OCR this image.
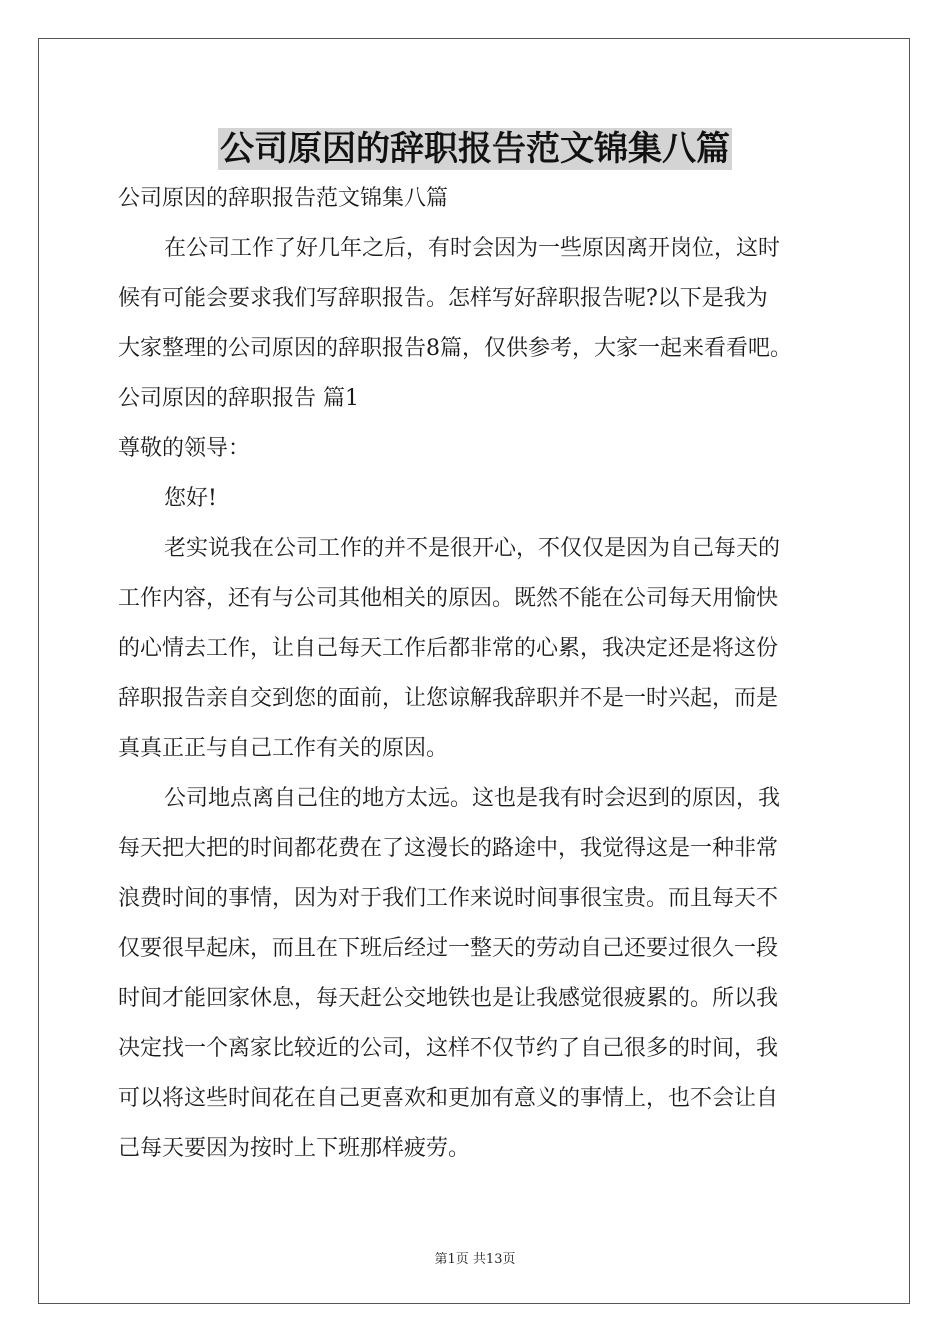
公司原因的辞职报告范文锦集八篇
公司原因的辞职报告范文锦集八篇
在公司工作了好几年之后，有时会因为一些原因离开岗位，这时
候有可能会要求我们写辞职报告。怎样写好辞职报告呢?以下是我为
大家整理的公司原因的辞职报告8篇，仅供参考，大家一起来看看吧。
公司原因的辞职报告 篇1
尊敬的领导：
您好!
老实说我在公司工作的并不是很开心，不仅仅是因为自己每天的
工作内容，还有与公司其他相关的原因。既然不能在公司每天用愉快
的心情去工作，让自己每天工作后都非常的心累，我决定还是将这份
辞职报告亲自交到您的面前，让您谅解我辞职并不是一时兴起，而是
真真正正与自己工作有关的原因。
公司地点离自己住的地方太远。这也是我有时会迟到的原因，我
每天把大把的时间都花费在了这漫长的路途中，我觉得这是一种非常
浪费时间的事情，因为对于我们工作来说时间事很宝贵。而且每天不
仅要很早起床，而且在下班后经过一整天的劳动自己还要过很久一段
时间才能回家休息，每天赶公交地铁也是让我感觉很疲累的。所以我
决定找一个离家比较近的公司，这样不仅节约了自己很多的时间，我
可以将这些时间花在自己更喜欢和更加有意义的事情上，也不会让自
己每天要因为按时上下班那样疲劳。
第1页 共13页
